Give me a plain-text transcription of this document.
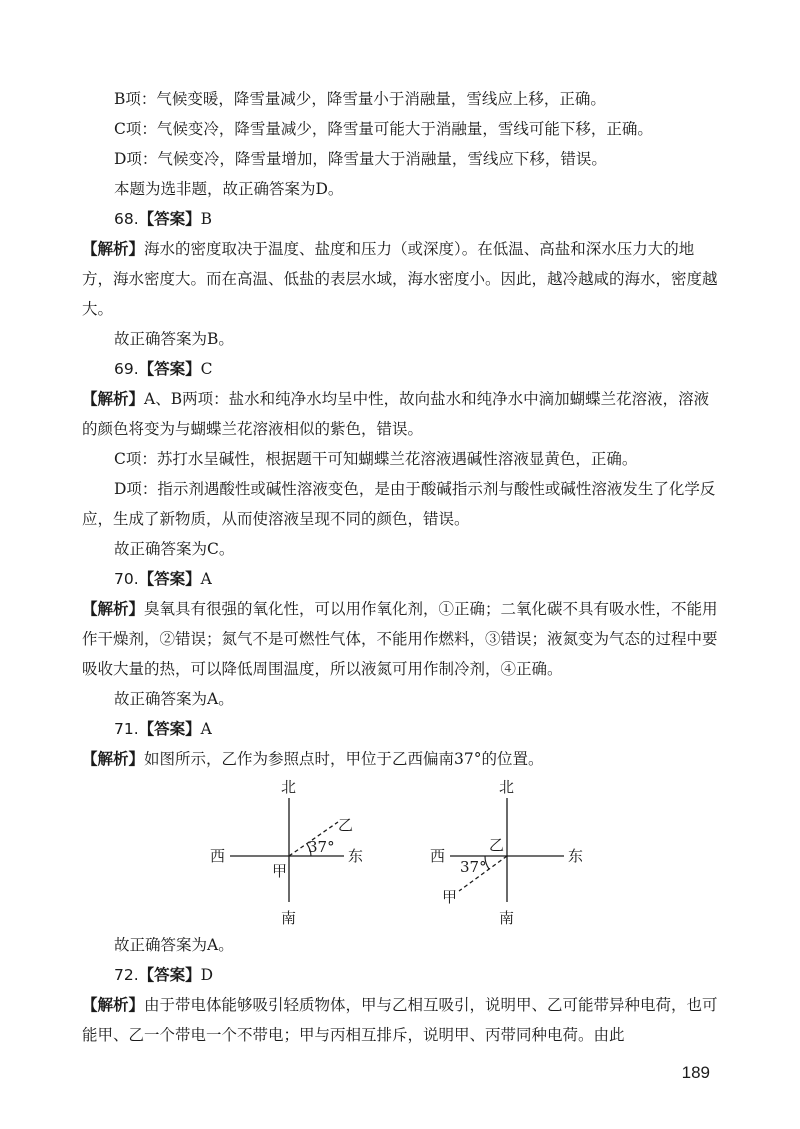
B项：气候变暖，降雪量减少，降雪量小于消融量，雪线应上移，正确。

C项：气候变冷，降雪量减少，降雪量可能大于消融量，雪线可能下移，正确。

D项：气候变冷，降雪量增加，降雪量大于消融量，雪线应下移，错误。

本题为选非题，故正确答案为D。

68.【答案】B

【解析】海水的密度取决于温度、盐度和压力（或深度）。在低温、高盐和深水压力大的地方，海水密度大。而在高温、低盐的表层水域，海水密度小。因此，越冷越咸的海水，密度越大。

故正确答案为B。

69.【答案】C

【解析】A、B两项：盐水和纯净水均呈中性，故向盐水和纯净水中滴加蝴蝶兰花溶液，溶液的颜色将变为与蝴蝶兰花溶液相似的紫色，错误。

C项：苏打水呈碱性，根据题干可知蝴蝶兰花溶液遇碱性溶液显黄色，正确。

D项：指示剂遇酸性或碱性溶液变色，是由于酸碱指示剂与酸性或碱性溶液发生了化学反应，生成了新物质，从而使溶液呈现不同的颜色，错误。

故正确答案为C。

70.【答案】A

【解析】臭氧具有很强的氧化性，可以用作氧化剂，①正确；二氧化碳不具有吸水性，不能用作干燥剂，②错误；氮气不是可燃性气体，不能用作燃料，③错误；液氮变为气态的过程中要吸收大量的热，可以降低周围温度，所以液氮可用作制冷剂，④正确。

故正确答案为A。

71.【答案】A

【解析】如图所示，乙作为参照点时，甲位于乙西偏南37°的位置。

北
南
西	东
乙
甲
37°
北
南
西	东
乙
甲
37°

故正确答案为A。

72.【答案】D

【解析】由于带电体能够吸引轻质物体，甲与乙相互吸引，说明甲、乙可能带异种电荷，也可能甲、乙一个带电一个不带电；甲与丙相互排斥，说明甲、丙带同种电荷。由此

189
